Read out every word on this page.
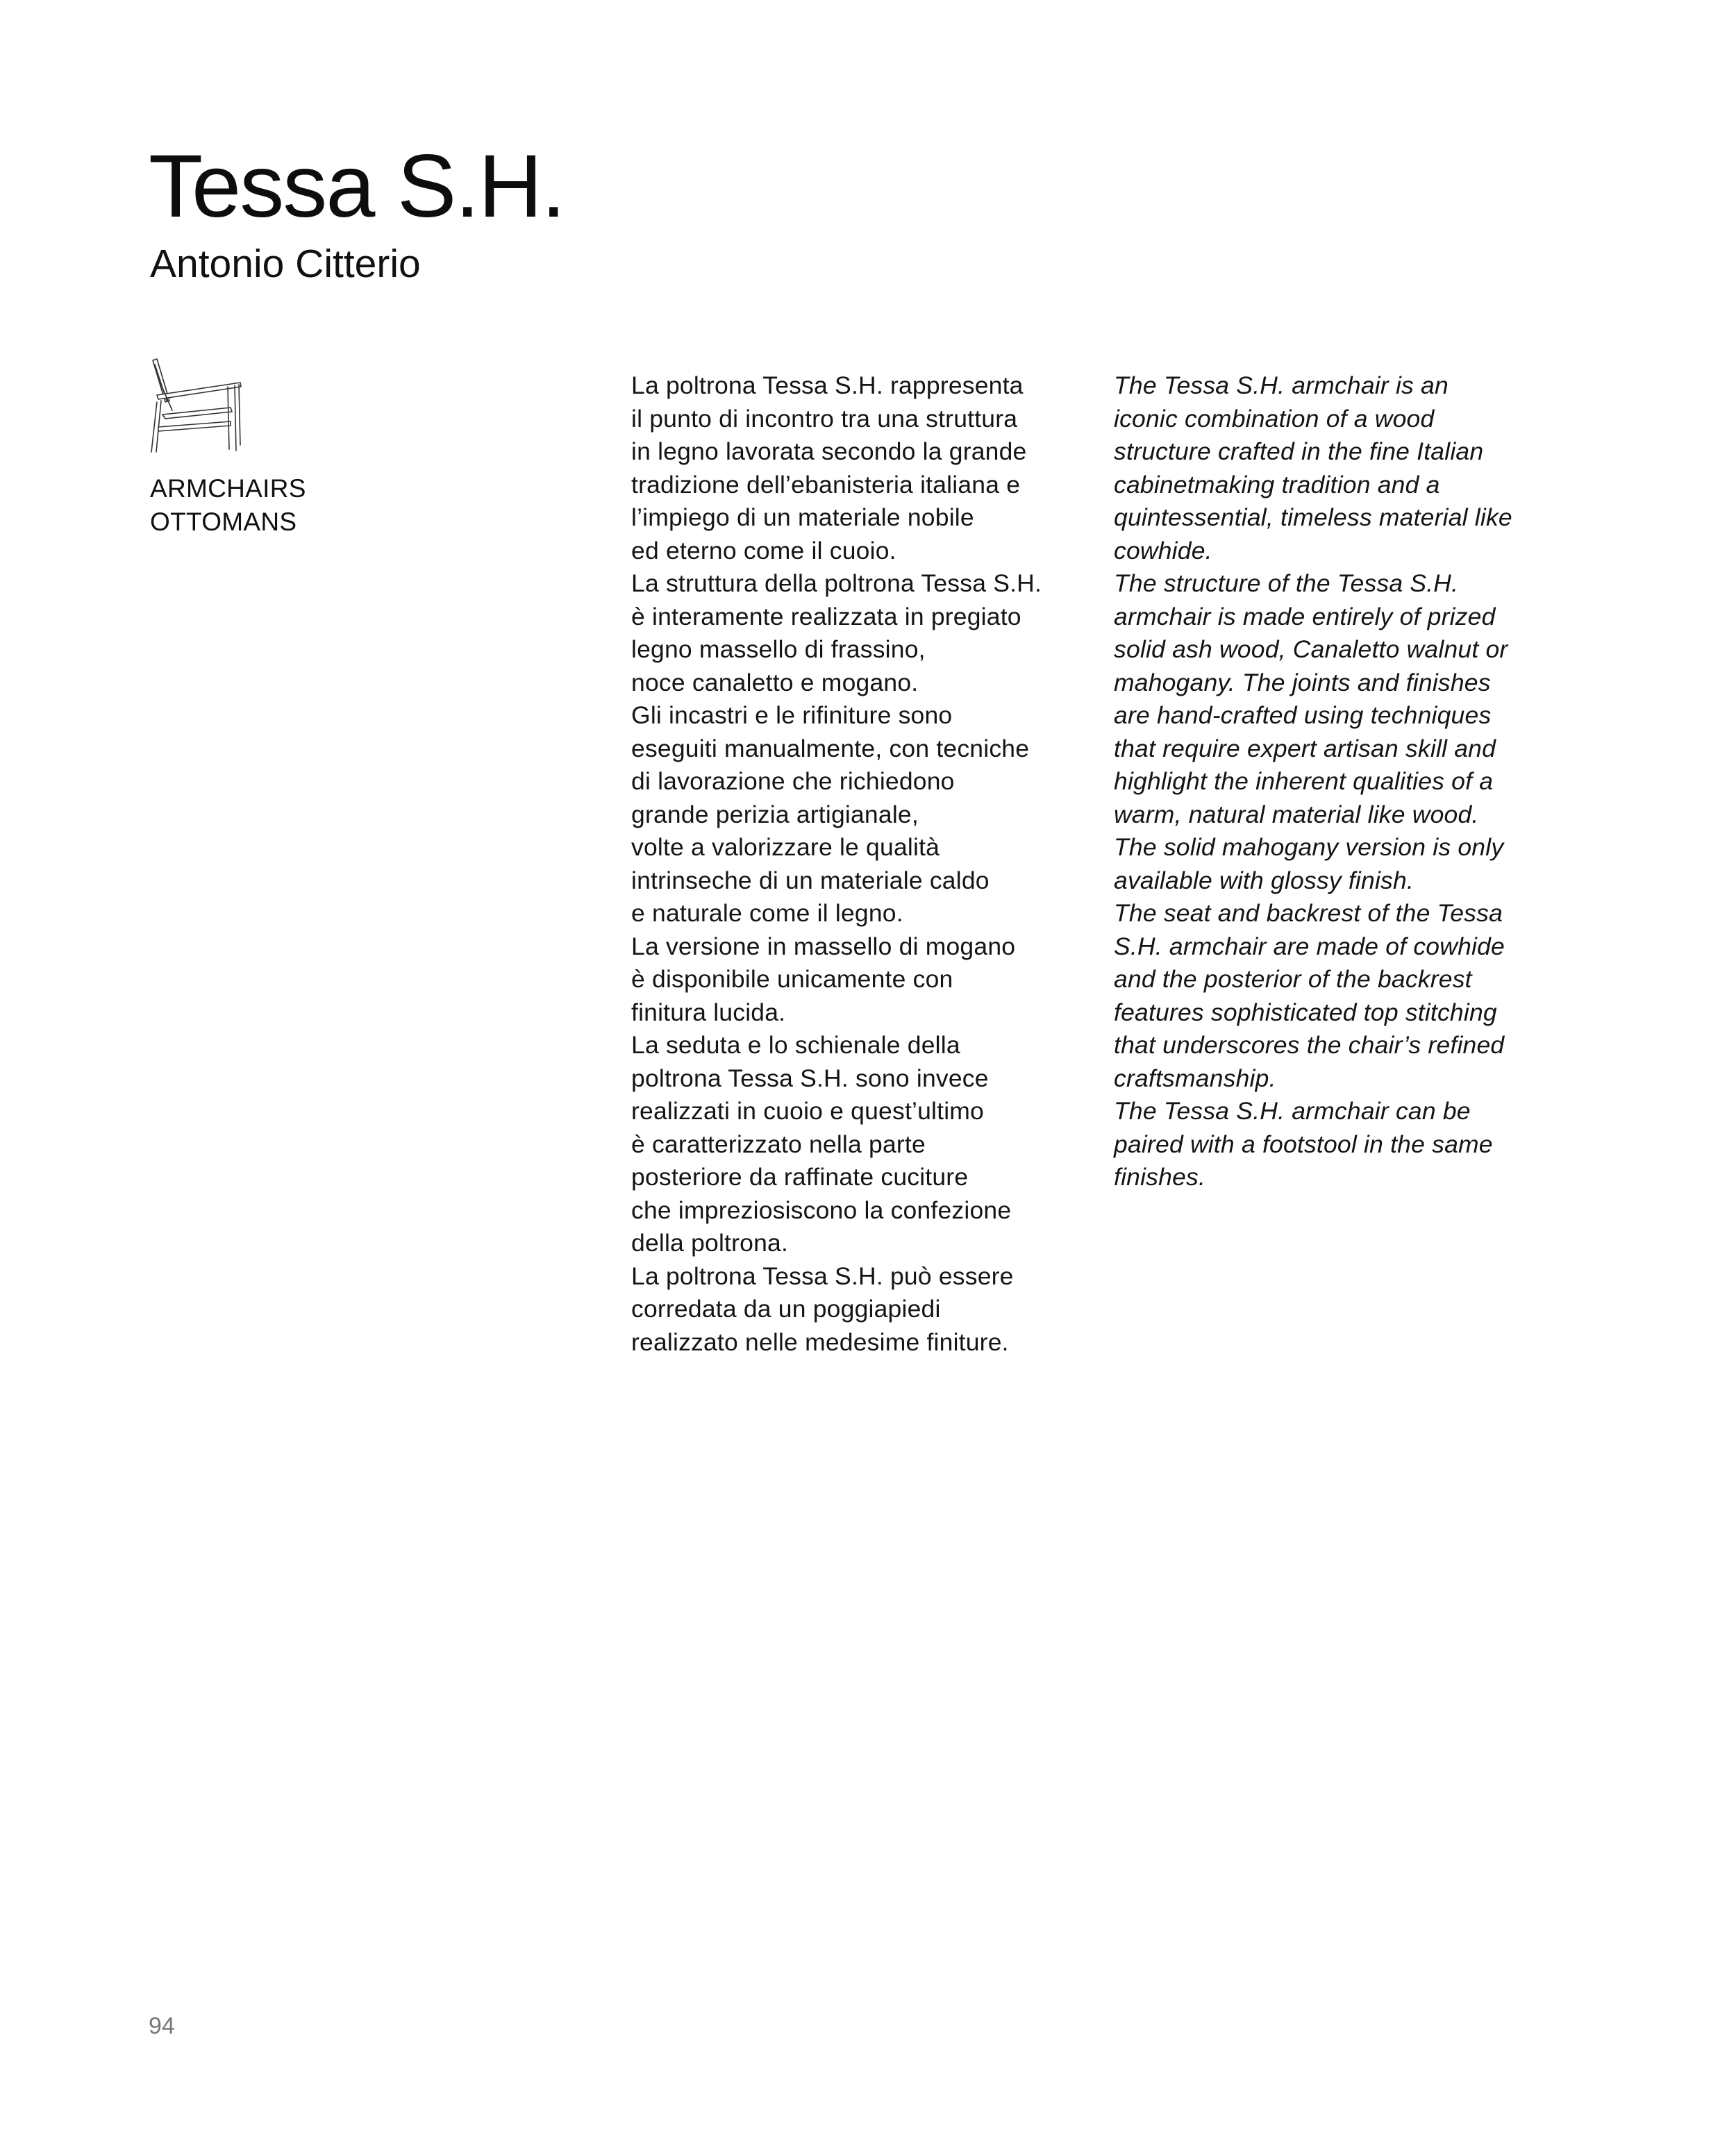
Tessa S.H.
Antonio Citterio
ARMCHAIRS
OTTOMANS
La poltrona Tessa S.H. rappresenta
il punto di incontro tra una struttura
in legno lavorata secondo la grande
tradizione dell’ebanisteria italiana e
l’impiego di un materiale nobile
ed eterno come il cuoio.
La struttura della poltrona Tessa S.H.
è interamente realizzata in pregiato
legno massello di frassino,
noce canaletto e mogano.
Gli incastri e le rifiniture sono
eseguiti manualmente, con tecniche
di lavorazione che richiedono
grande perizia artigianale,
volte a valorizzare le qualità
intrinseche di un materiale caldo
e naturale come il legno.
La versione in massello di mogano
è disponibile unicamente con
finitura lucida.
La seduta e lo schienale della
poltrona Tessa S.H. sono invece
realizzati in cuoio e quest’ultimo
è caratterizzato nella parte
posteriore da raffinate cuciture
che impreziosiscono la confezione
della poltrona.
La poltrona Tessa S.H. può essere
corredata da un poggiapiedi
realizzato nelle medesime finiture.
The Tessa S.H. armchair is an
iconic combination of a wood
structure crafted in the fine Italian
cabinetmaking tradition and a
quintessential, timeless material like
cowhide.
The structure of the Tessa S.H.
armchair is made entirely of prized
solid ash wood, Canaletto walnut or
mahogany. The joints and finishes
are hand-crafted using techniques
that require expert artisan skill and
highlight the inherent qualities of a
warm, natural material like wood.
The solid mahogany version is only
available with glossy finish.
The seat and backrest of the Tessa
S.H. armchair are made of cowhide
and the posterior of the backrest
features sophisticated top stitching
that underscores the chair’s refined
craftsmanship.
The Tessa S.H. armchair can be
paired with a footstool in the same
finishes.
94
